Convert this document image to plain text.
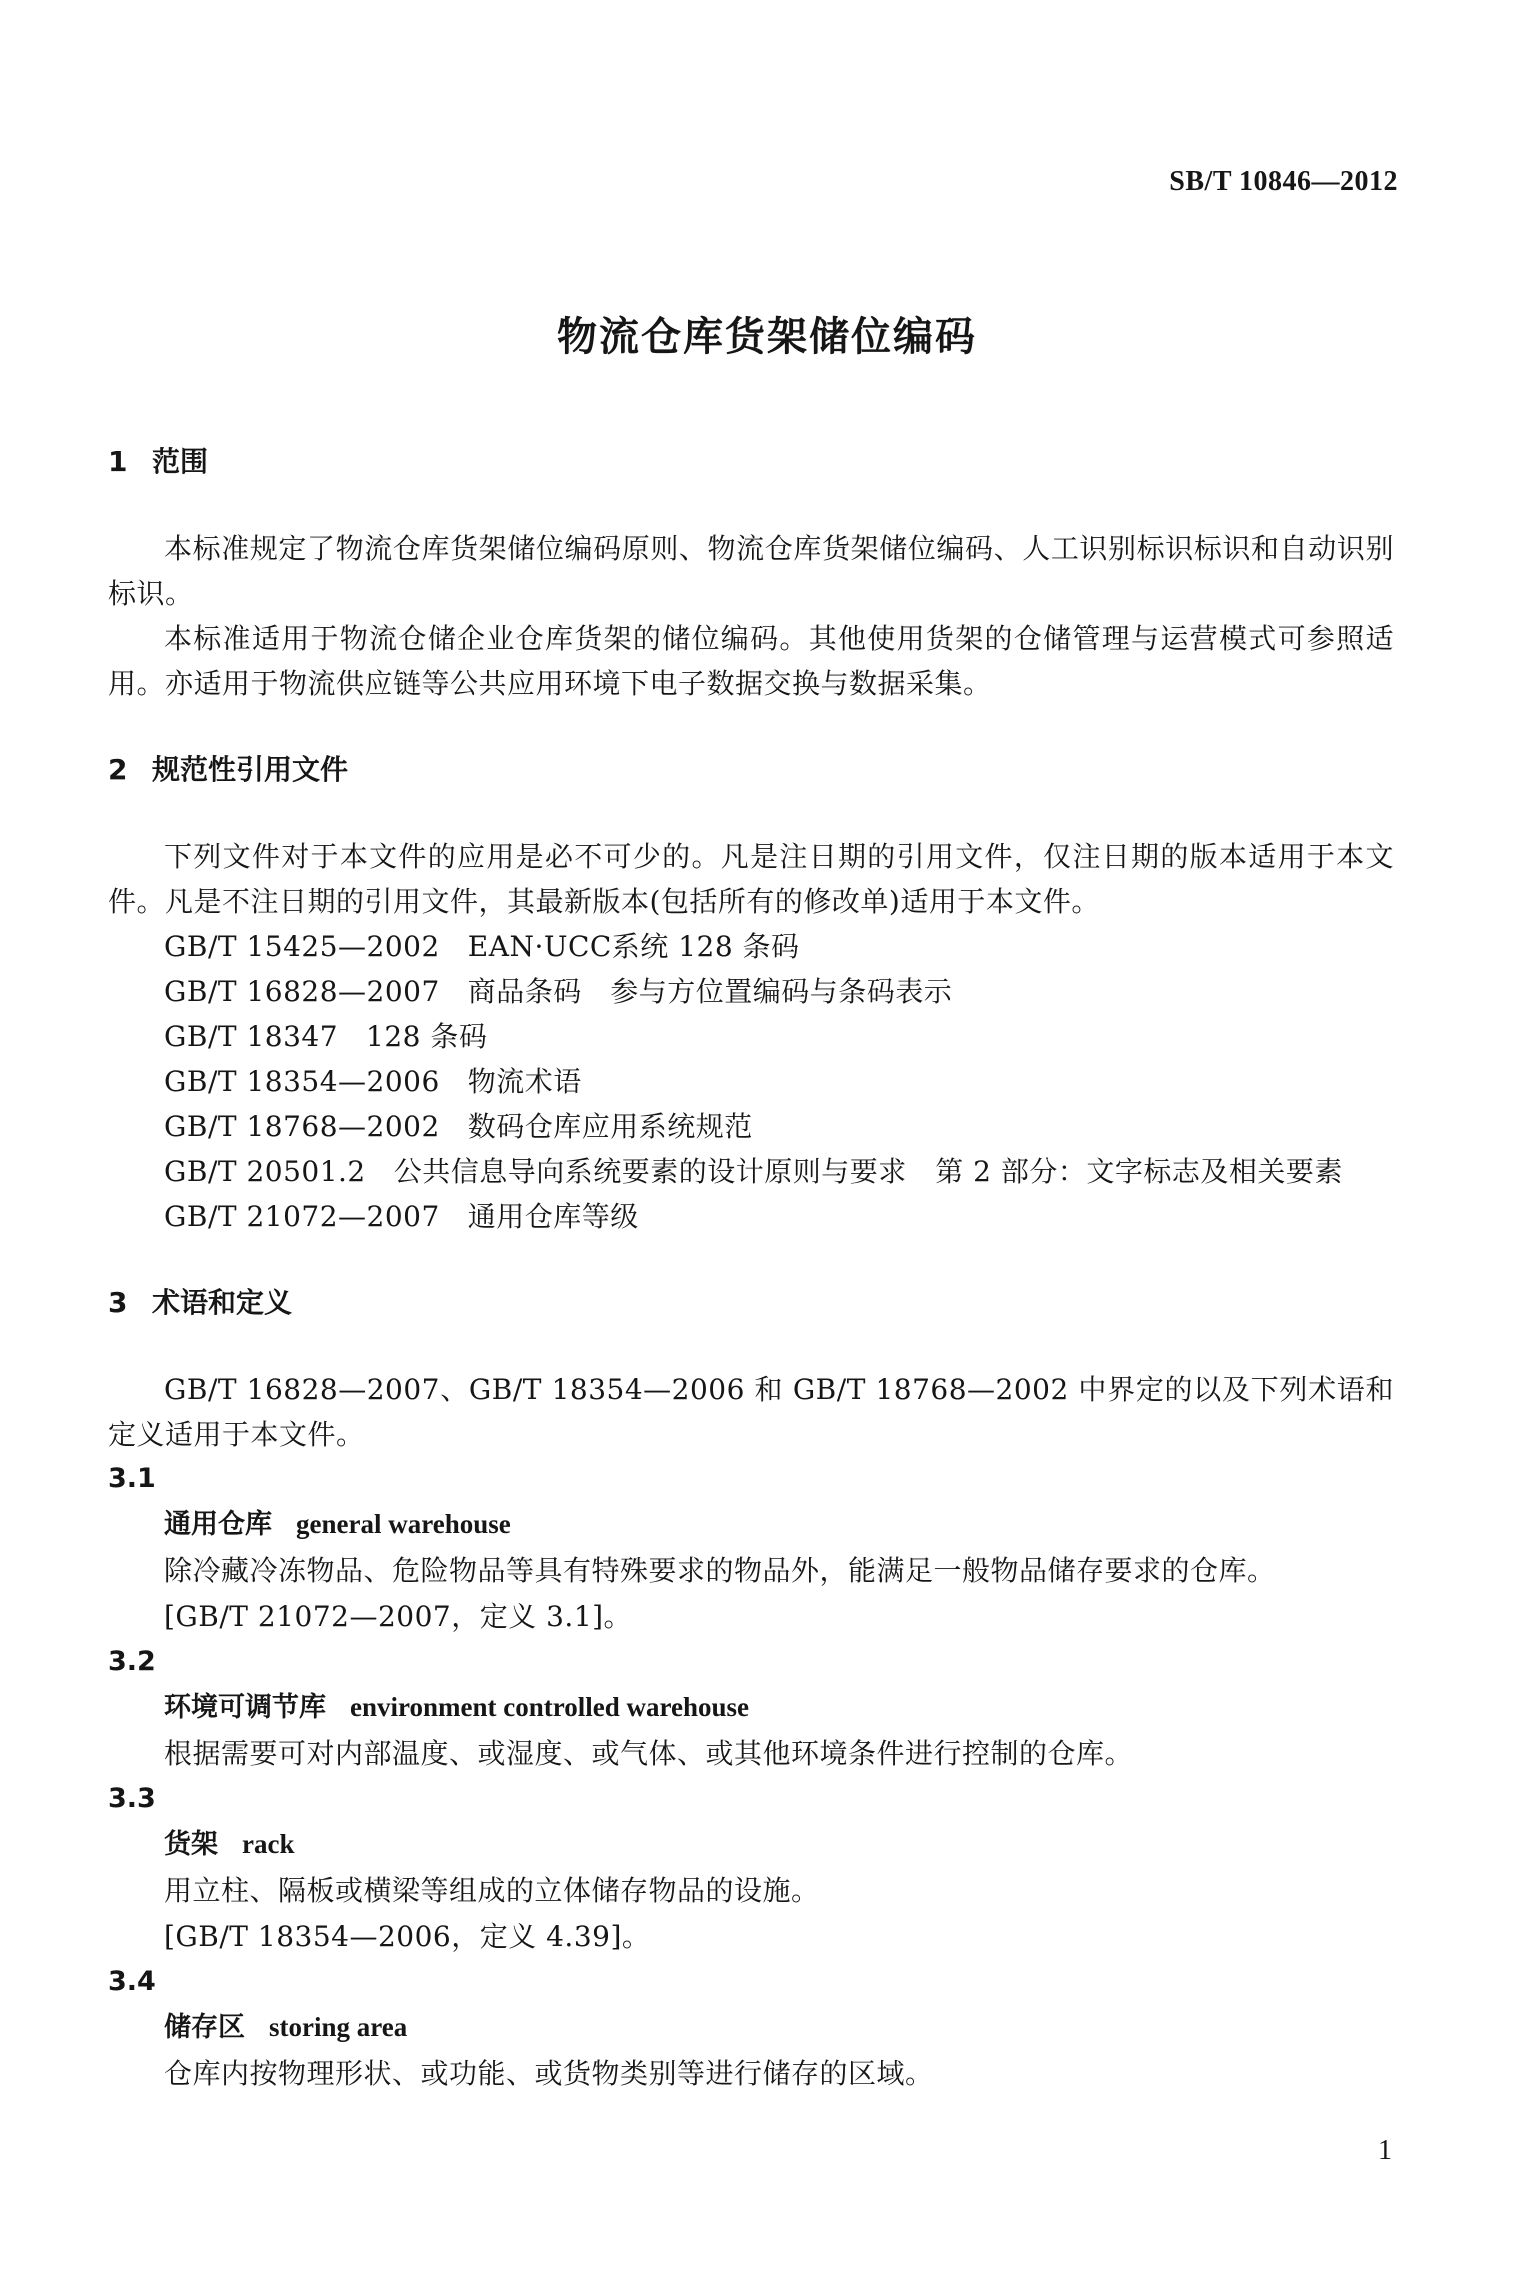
SB/T 10846—2012
物流仓库货架储位编码

1 范围

本标准规定了物流仓库货架储位编码原则、物流仓库货架储位编码、人工识别标识标识和自动识别标识。

本标准适用于物流仓储企业仓库货架的储位编码。其他使用货架的仓储管理与运营模式可参照适用。亦适用于物流供应链等公共应用环境下电子数据交换与数据采集。

2 规范性引用文件

下列文件对于本文件的应用是必不可少的。凡是注日期的引用文件，仅注日期的版本适用于本文件。凡是不注日期的引用文件，其最新版本(包括所有的修改单)适用于本文件。

GB/T 15425—2002 EAN·UCC系统 128 条码

GB/T 16828—2007 商品条码　参与方位置编码与条码表示

GB/T 18347 128 条码

GB/T 18354—2006 物流术语

GB/T 18768—2002 数码仓库应用系统规范

GB/T 20501.2 公共信息导向系统要素的设计原则与要求　第 2 部分：文字标志及相关要素

GB/T 21072—2007 通用仓库等级

3 术语和定义

GB/T 16828—2007、GB/T 18354—2006 和 GB/T 18768—2002 中界定的以及下列术语和定义适用于本文件。

3.1

通用仓库 general warehouse

除冷藏冷冻物品、危险物品等具有特殊要求的物品外，能满足一般物品储存要求的仓库。

[GB/T 21072—2007，定义 3.1]。

3.2

环境可调节库 environment controlled warehouse

根据需要可对内部温度、或湿度、或气体、或其他环境条件进行控制的仓库。

3.3

货架 rack

用立柱、隔板或横梁等组成的立体储存物品的设施。

[GB/T 18354—2006，定义 4.39]。

3.4

储存区 storing area

仓库内按物理形状、或功能、或货物类别等进行储存的区域。

1
